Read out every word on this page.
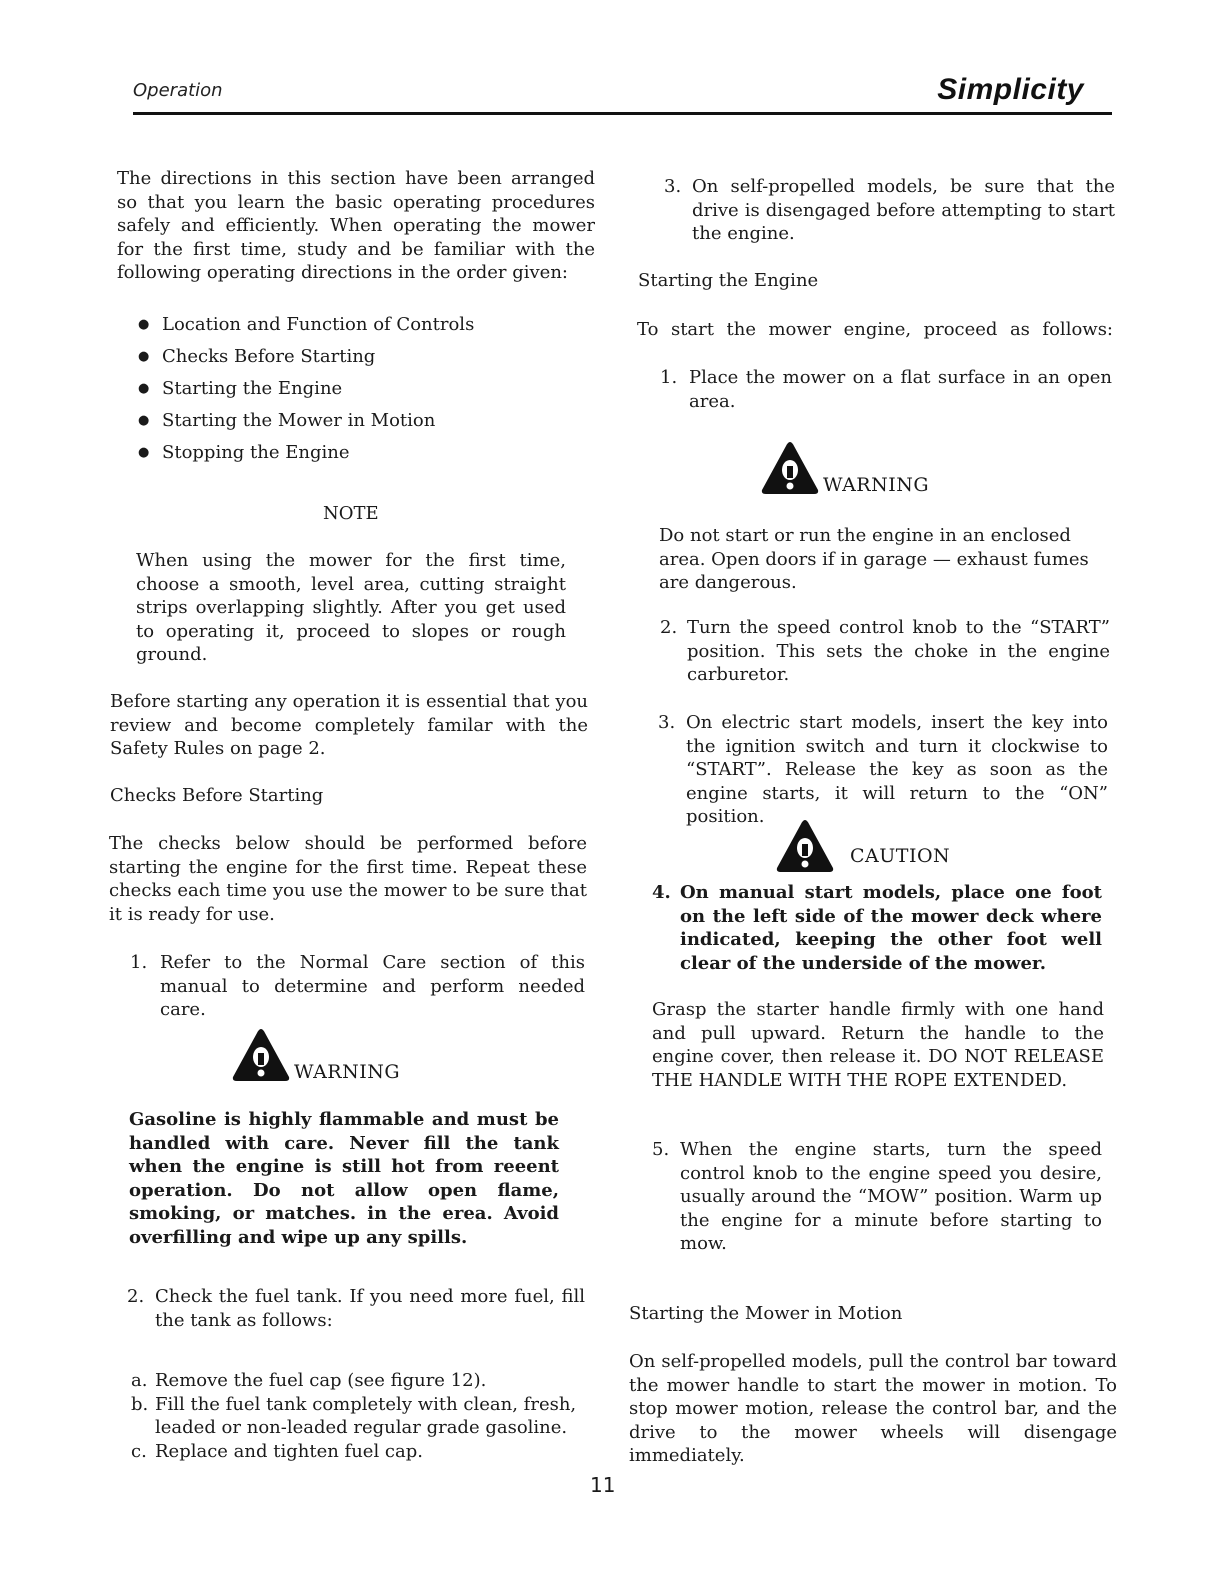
Operation	Simplicity
The directions in this section have been arranged so that you learn the basic operating procedures safely and efficiently. When operating the mower for the first time, study and be familiar with the following operating directions in the order given:
● Location and Function of Controls
● Checks Before Starting
● Starting the Engine
● Starting the Mower in Motion
● Stopping the Engine
NOTE
When using the mower for the first time, choose a smooth, level area, cutting straight strips overlapping slightly. After you get used to operating it, proceed to slopes or rough ground.
Before starting any operation it is essential that you review and become completely familar with the Safety Rules on page 2.
Checks Before Starting
The checks below should be performed before starting the engine for the first time. Repeat these checks each time you use the mower to be sure that it is ready for use.
1. Refer to the Normal Care section of this manual to determine and perform needed care.
WARNING
Gasoline is highly flammable and must be handled with care. Never fill the tank when the engine is still hot from reeent operation. Do not allow open flame, smoking, or matches. in the erea. Avoid overfilling and wipe up any spills.
2. Check the fuel tank. If you need more fuel, fill the tank as follows:
a. Remove the fuel cap (see figure 12).
b. Fill the fuel tank completely with clean, fresh, leaded or non-leaded regular grade gasoline.
c. Replace and tighten fuel cap.
3. On self-propelled models, be sure that the drive is disengaged before attempting to start the engine.
Starting the Engine
To start the mower engine, proceed as follows:
1. Place the mower on a flat surface in an open area.
WARNING
Do not start or run the engine in an enclosed area. Open doors if in garage — exhaust fumes are dangerous.
2. Turn the speed control knob to the “START” position. This sets the choke in the engine carburetor.
3. On electric start models, insert the key into the ignition switch and turn it clockwise to “START”. Release the key as soon as the engine starts, it will return to the “ON” position.
CAUTION
4. On manual start models, place one foot on the left side of the mower deck where indicated, keeping the other foot well clear of the underside of the mower.
Grasp the starter handle firmly with one hand and pull upward. Return the handle to the engine cover, then release it. DO NOT RELEASE THE HANDLE WITH THE ROPE EXTENDED.
5. When the engine starts, turn the speed control knob to the engine speed you desire, usually around the “MOW” position. Warm up the engine for a minute before starting to mow.
Starting the Mower in Motion
On self-propelled models, pull the control bar toward the mower handle to start the mower in motion. To stop mower motion, release the control bar, and the drive to the mower wheels will disengage immediately.
11
